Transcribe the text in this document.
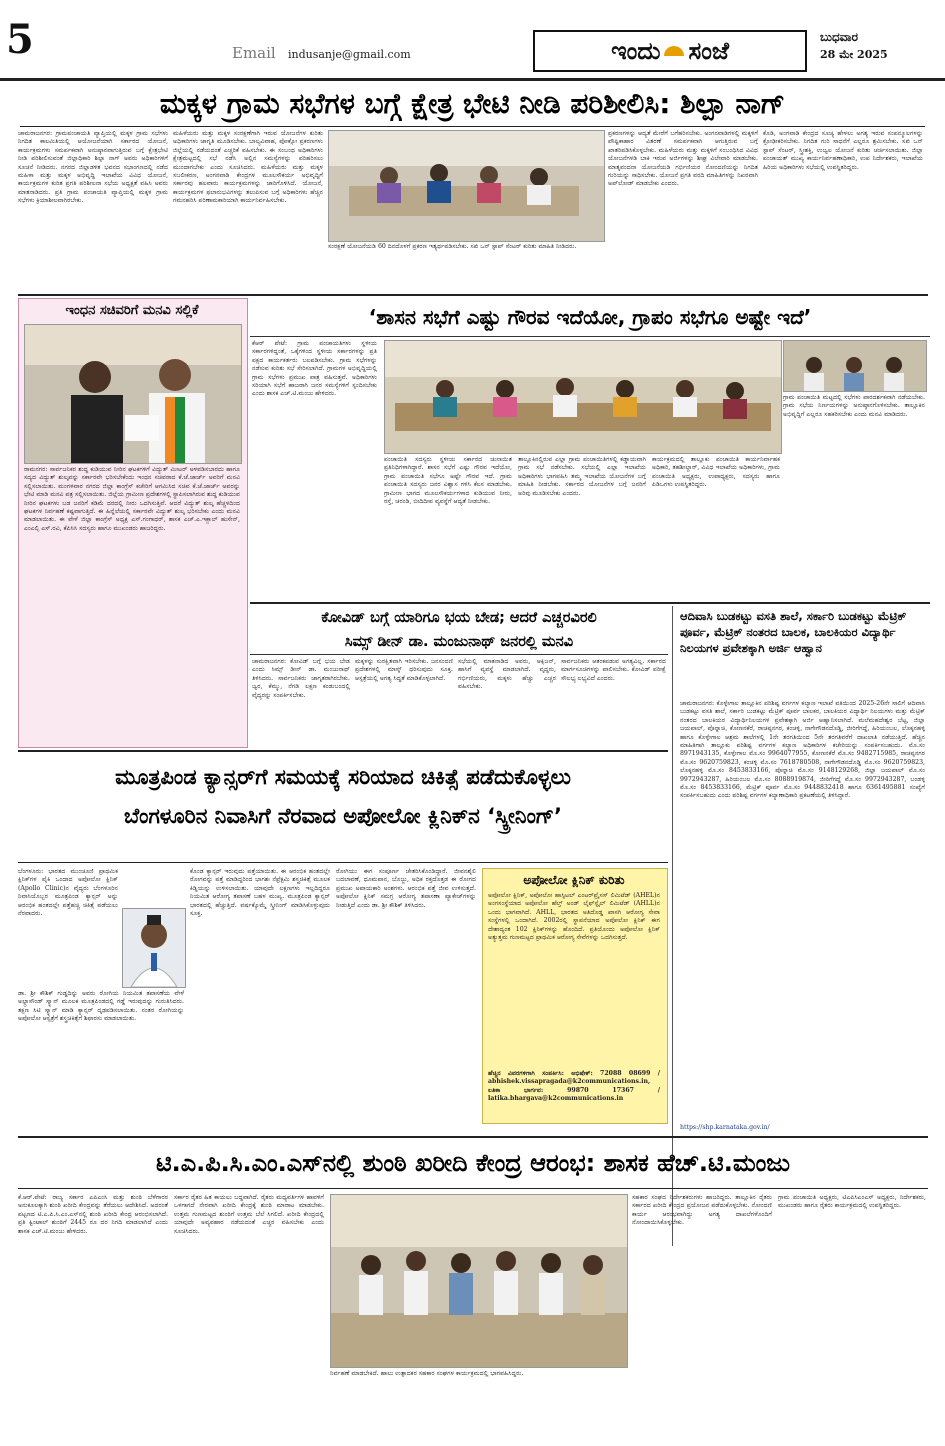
5	Email indusanje@gmail.com	ಇಂದು ಸಂಜೆ	ಬುಧವಾರ
28 ಮೇ 2025
ಮಕ್ಕಳ ಗ್ರಾಮ ಸಭೆಗಳ ಬಗ್ಗೆ ಕ್ಷೇತ್ರ ಭೇಟಿ ನೀಡಿ ಪರಿಶೀಲಿಸಿ: ಶಿಲ್ಪಾ ನಾಗ್
ಚಾಮರಾಜನಗರ: ಗ್ರಾಮಪಂಚಾಯತಿ ವ್ಯಾಪ್ತಿಯಲ್ಲಿ ಮಕ್ಕಳ ಗ್ರಾಮ ಸಭೆಗಳು ನಿಗದಿತ ಕಾಲಮಿತಿಯಲ್ಲಿ ಆಯೋಜನೆಯಾಗಿ ಸರ್ಕಾರದ ಯೋಜನೆ, ಕಾರ್ಯಕ್ರಮಗಳು ಸಮರ್ಪಕವಾಗಿ ಅನುಷ್ಠಾನವಾಗುತ್ತಿರುವ ಬಗ್ಗೆ ಕ್ಷೇತ್ರಭೇಟಿ ನೀಡಿ ಪರಿಶೀಲಿಸುವಂತೆ ಜಿಲ್ಲಾಧಿಕಾರಿ ಶಿಲ್ಪಾ ನಾಗ್ ಅವರು ಅಧಿಕಾರಿಗಳಿಗೆ ಸೂಚನೆ ನೀಡಿದರು. ನಗರದ ಜಿಲ್ಲಾಡಳಿತ ಭವನದ ಸಭಾಂಗಣದಲ್ಲಿ ನಡೆದ ಮಹಿಳಾ ಮತ್ತು ಮಕ್ಕಳ ಅಭಿವೃದ್ಧಿ ಇಲಾಖೆಯ ವಿವಿಧ ಯೋಜನೆ, ಕಾರ್ಯಕ್ರಮಗಳ ಕುರಿತ ಪ್ರಗತಿ ಪರಿಶೀಲನಾ ಸಭೆಯ ಅಧ್ಯಕ್ಷತೆ ವಹಿಸಿ ಅವರು ಮಾತನಾಡಿದರು. ಪ್ರತಿ ಗ್ರಾಮ ಪಂಚಾಯತಿ ವ್ಯಾಪ್ತಿಯಲ್ಲಿ ಮಕ್ಕಳ ಗ್ರಾಮ ಸಭೆಗಳು ಕ್ರಿಯಾಶೀಲವಾಗಿರಬೇಕು.
ಮಹಿಳೆಯರು ಮತ್ತು ಮಕ್ಕಳ ಸಂರಕ್ಷಣೆಗಾಗಿ ಇರುವ ಯೋಜನೆಗಳ ಕುರಿತು ಅಧಿಕಾರಿಗಳು ಜಾಗೃತಿ ಮೂಡಿಸಬೇಕು. ಬಾಲ್ಯವಿವಾಹ, ಪೋಕ್ಸೋ ಪ್ರಕರಣಗಳು ಜಿಲ್ಲೆಯಲ್ಲಿ ನಡೆಯದಂತೆ ಎಚ್ಚರಿಕೆ ವಹಿಸಬೇಕು. ಈ ಸಂಬಂಧ ಅಧಿಕಾರಿಗಳು ಕ್ಷೇತ್ರಮಟ್ಟದಲ್ಲಿ ಸಭೆ ನಡೆಸಿ ಅಲ್ಲಿನ ಸಮಸ್ಯೆಗಳನ್ನು ಪರಿಹರಿಸಲು ಮುಂದಾಗಬೇಕು ಎಂದು ಸೂಚಿಸಿದರು. ಮಹಿಳೆಯರು ಮತ್ತು ಮಕ್ಕಳ ಸಬಲೀಕರಣ, ಅಂಗನವಾಡಿ ಕೇಂದ್ರಗಳ ಮೂಲಸೌಕರ್ಯ ಅಭಿವೃದ್ಧಿಗೆ ಸರ್ಕಾರವು ಹಲವಾರು ಕಾರ್ಯಕ್ರಮಗಳನ್ನು ಜಾರಿಗೊಳಿಸಿದೆ. ಯೋಜನೆ, ಕಾರ್ಯಕ್ರಮಗಳ ಫಲಾನುಭವಿಗಳನ್ನು ತಲುಪಿಸುವ ಬಗ್ಗೆ ಅಧಿಕಾರಿಗಳು ಹೆಚ್ಚಿನ ಗಮನಹರಿಸಿ ಪರಿಣಾಮಕಾರಿಯಾಗಿ ಕಾರ್ಯನಿರ್ವಹಿಸಬೇಕು.
ಸಂರಕ್ಷಣೆ ಯೋಜನೆಯಡಿ 60 ದಿನದೊಳಗೆ ಪ್ರಕರಣ ಇತ್ಯರ್ಥಪಡಿಸಬೇಕು. ಸಖಿ ಒನ್ ಸ್ಟಾಪ್ ಸೆಂಟರ್ ಕುರಿತು ಮಾಹಿತಿ ನೀಡಿದರು.
ಪ್ರಕರಣಗಳನ್ನು ಆದ್ಯತೆ ಮೇರೆಗೆ ಬಗೆಹರಿಸಬೇಕು. ಅಂಗನವಾಡಿಗಳಲ್ಲಿ ಮಕ್ಕಳಿಗೆ ಪೌಷ್ಟಿಕಾಹಾರ ವಿತರಣೆ ಸಮರ್ಪಕವಾಗಿ ಆಗುತ್ತಿರುವ ಬಗ್ಗೆ ಖಾತರಿಪಡಿಸಿಕೊಳ್ಳಬೇಕು. ಮಹಿಳೆಯರು ಮತ್ತು ಮಕ್ಕಳಿಗೆ ಸಂಬಂಧಿಸಿದ ವಿವಿಧ ಯೋಜನೆಗಳಡಿ ಬಾಕಿ ಇರುವ ಅರ್ಜಿಗಳನ್ನು ಶೀಘ್ರ ವಿಲೇವಾರಿ ಮಾಡಬೇಕು. ಮಾತೃವಂದನಾ ಯೋಜನೆಯಡಿ ಗರ್ಭಿಣಿಯರ ನೋಂದಣಿಯನ್ನು ನಿಗದಿತ ಗುರಿಯನ್ನು ಸಾಧಿಸಬೇಕು. ಯೋಜನೆ ಪ್ರಗತಿ ವರದಿ ಮಾಹಿತಿಗಳನ್ನು ನಿಖರವಾಗಿ ಅಪ್‌ಲೋಡ್ ಮಾಡಬೇಕು ಎಂದರು.
ಕೊಡಿ, ಅಂಗವಾಡಿ ಕೇಂದ್ರದ ಸೂಚ್ಯ ಹೇಳಲು ಅಗತ್ಯ ಇರುವ ಸಂಪನ್ಮೂಲಗಳನ್ನು ಕ್ರೋಢೀಕರಿಸಬೇಕು. ನಿಗದಿತ ಗುರಿ ಸಾಧನೆಗೆ ಎಲ್ಲರೂ ಶ್ರಮಿಸಬೇಕು. ಸಖಿ ಒನ್ ಸ್ಟಾಪ್ ಸೆಂಟರ್, ಸ್ತ್ರೀಶಕ್ತಿ, ಉಜ್ವಲ ಯೋಜನೆ ಕುರಿತು ಚರ್ಚಿಸಲಾಯಿತು. ಜಿಲ್ಲಾ ಪಂಚಾಯತ್ ಮುಖ್ಯ ಕಾರ್ಯನಿರ್ವಹಣಾಧಿಕಾರಿ, ಉಪ ನಿರ್ದೇಶಕರು, ಇಲಾಖೆಯ ಹಿರಿಯ ಅಧಿಕಾರಿಗಳು ಸಭೆಯಲ್ಲಿ ಉಪಸ್ಥಿತರಿದ್ದರು.
ಇಂಧನ ಸಚಿವರಿಗೆ ಮನವಿ ಸಲ್ಲಿಕೆ
ರಾಮನಗರ: ಸಾರ್ವಜನಿಕರ ಶುದ್ಧ ಕುಡಿಯುವ ನೀರಿನ ಘಟಕಗಳಿಗೆ ವಿದ್ಯುತ್ ಮೀಟರ್ ಅಳವಡಿಸಬಾರದು ಹಾಗೂ ಸದ್ಯದ ವಿದ್ಯುತ್ ಶುಲ್ಕವನ್ನು ಸರ್ಕಾರವೇ ಭರಿಸಬೇಕೆಂದು ಇಂಧನ ಸಚಿವರಾದ ಕೆ.ಜೆ.ಜಾರ್ಜ್ ಅವರಿಗೆ ಮನವಿ ಸಲ್ಲಿಸಲಾಯಿತು. ಮಂಗಳವಾರ ನಗರದ ಜಿಲ್ಲಾ ಕಾಂಗ್ರೆಸ್ ಕಚೇರಿಗೆ ಆಗಮಿಸಿದ ಸಚಿವ ಕೆ.ಜೆ.ಜಾರ್ಜ್ ಅವರನ್ನು ಭೇಟಿ ಮಾಡಿ ಮನವಿ ಪತ್ರ ಸಲ್ಲಿಸಲಾಯಿತು. ಜಿಲ್ಲೆಯ ಗ್ರಾಮೀಣ ಪ್ರದೇಶಗಳಲ್ಲಿ ಸ್ಥಾಪಿಸಲಾಗಿರುವ ಶುದ್ಧ ಕುಡಿಯುವ ನೀರಿನ ಘಟಕಗಳು ಬಡ ಜನರಿಗೆ ಕಡಿಮೆ ದರದಲ್ಲಿ ನೀರು ಒದಗಿಸುತ್ತಿವೆ. ಆದರೆ ವಿದ್ಯುತ್ ಶುಲ್ಕ ಹೆಚ್ಚಳದಿಂದ ಘಟಕಗಳ ನಿರ್ವಹಣೆ ಕಷ್ಟವಾಗುತ್ತಿದೆ. ಈ ಹಿನ್ನೆಲೆಯಲ್ಲಿ ಸರ್ಕಾರವೇ ವಿದ್ಯುತ್ ಶುಲ್ಕ ಭರಿಸಬೇಕು ಎಂದು ಮನವಿ ಮಾಡಲಾಯಿತು. ಈ ವೇಳೆ ಜಿಲ್ಲಾ ಕಾಂಗ್ರೆಸ್ ಅಧ್ಯಕ್ಷ ಎಸ್.ಗಂಗಾಧರ್, ಶಾಸಕ ಎಚ್.ಎ.ಇಕ್ಬಾಲ್ ಹುಸೇನ್, ಎಂಎಲ್ಸಿ ಎಸ್.ರವಿ, ಕೆಪಿಸಿಸಿ ಸದಸ್ಯರು ಹಾಗೂ ಮುಖಂಡರು ಹಾಜರಿದ್ದರು.
‘ಶಾಸನ ಸಭೆಗೆ ಎಷ್ಟು ಗೌರವ ಇದೆಯೋ, ಗ್ರಾಪಂ ಸಭೆಗೂ ಅಷ್ಟೇ ಇದೆ’
ಕೆಆರ್ ಪೇಟೆ: ಗ್ರಾಮ ಪಂಚಾಯತಿಗಳು ಸ್ಥಳೀಯ ಸರ್ಕಾರಗಳಿದ್ದಂತೆ, ಒಕ್ಕೆಗಳಿಂದ ಸ್ಥಳೀಯ ಸರ್ಕಾರಗಳನ್ನು ಪ್ರತಿ ಪಕ್ಷದ ಕಾರ್ಯಕರ್ತರು ಬಲಪಡಿಸಬೇಕು. ಗ್ರಾಮ ಸಭೆಗಳನ್ನು ನಡೆಸುವ ಕುರಿತು ಸಭೆ ಸೇರಿಸಲಾಗಿದೆ. ಗ್ರಾಮಗಳ ಅಭಿವೃದ್ಧಿಯಲ್ಲಿ ಗ್ರಾಮ ಸಭೆಗಳು ಪ್ರಮುಖ ಪಾತ್ರ ವಹಿಸುತ್ತವೆ. ಅಧಿಕಾರಿಗಳು ಸರಿಯಾಗಿ ಸಭೆಗೆ ಹಾಜರಾಗಿ ಜನರ ಸಮಸ್ಯೆಗಳಿಗೆ ಸ್ಪಂದಿಸಬೇಕು ಎಂದು ಶಾಸಕ ಎಚ್.ಟಿ.ಮಂಜು ಹೇಳಿದರು.
ಪಂಚಾಯಿತಿ ಸದಸ್ಯರು ಸ್ಥಳೀಯ ಸರ್ಕಾರದ ಚುನಾಯಿತ ಪ್ರತಿನಿಧಿಗಳಾಗಿದ್ದಾರೆ. ಶಾಸನ ಸಭೆಗೆ ಎಷ್ಟು ಗೌರವ ಇದೆಯೋ, ಗ್ರಾಮ ಪಂಚಾಯಿತಿ ಸಭೆಗೂ ಅಷ್ಟೇ ಗೌರವ ಇದೆ. ಗ್ರಾಮ ಪಂಚಾಯಿತಿ ಸದಸ್ಯರು ಜನರ ವಿಶ್ವಾಸ ಗಳಿಸಿ ಕೆಲಸ ಮಾಡಬೇಕು. ಗ್ರಾಮೀಣ ಭಾಗದ ಮೂಲಸೌಕರ್ಯಗಳಾದ ಕುಡಿಯುವ ನೀರು, ರಸ್ತೆ, ಚರಂಡಿ, ಬೀದಿದೀಪ ವ್ಯವಸ್ಥೆಗೆ ಆದ್ಯತೆ ನೀಡಬೇಕು.
ತಾಲ್ಲೂಕಿನಲ್ಲಿರುವ ಎಲ್ಲಾ ಗ್ರಾಮ ಪಂಚಾಯಿತಿಗಳಲ್ಲಿ ಕಡ್ಡಾಯವಾಗಿ ಗ್ರಾಮ ಸಭೆ ನಡೆಸಬೇಕು. ಸಭೆಯಲ್ಲಿ ಎಲ್ಲಾ ಇಲಾಖೆಯ ಅಧಿಕಾರಿಗಳು ಭಾಗವಹಿಸಿ ತಮ್ಮ ಇಲಾಖೆಯ ಯೋಜನೆಗಳ ಬಗ್ಗೆ ಮಾಹಿತಿ ನೀಡಬೇಕು. ಸರ್ಕಾರದ ಯೋಜನೆಗಳ ಬಗ್ಗೆ ಜನರಿಗೆ ಅರಿವು ಮೂಡಿಸಬೇಕು ಎಂದರು.
ಕಾರ್ಯಕ್ರಮದಲ್ಲಿ ತಾಲ್ಲೂಕು ಪಂಚಾಯಿತಿ ಕಾರ್ಯನಿರ್ವಾಹಕ ಅಧಿಕಾರಿ, ತಹಶೀಲ್ದಾರ್, ವಿವಿಧ ಇಲಾಖೆಯ ಅಧಿಕಾರಿಗಳು, ಗ್ರಾಮ ಪಂಚಾಯಿತಿ ಅಧ್ಯಕ್ಷರು, ಉಪಾಧ್ಯಕ್ಷರು, ಸದಸ್ಯರು ಹಾಗೂ ಪಿಡಿಒಗಳು ಉಪಸ್ಥಿತರಿದ್ದರು.
ಗ್ರಾಮ ಪಂಚಾಯಿತಿ ಮಟ್ಟದಲ್ಲಿ ಸಭೆಗಳು ಪಾರದರ್ಶಕವಾಗಿ ನಡೆಯಬೇಕು. ಗ್ರಾಮ ಸಭೆಯ ನಿರ್ಣಯಗಳನ್ನು ಅನುಷ್ಠಾನಗೊಳಿಸಬೇಕು. ತಾಲ್ಲೂಕಿನ ಅಭಿವೃದ್ಧಿಗೆ ಎಲ್ಲರೂ ಸಹಕರಿಸಬೇಕು ಎಂದು ಮನವಿ ಮಾಡಿದರು.
ಕೋವಿಡ್ ಬಗ್ಗೆ ಯಾರಿಗೂ ಭಯ ಬೇಡ; ಆದರೆ ಎಚ್ಚರವಿರಲಿ
ಸಿಮ್ಸ್ ಡೀನ್ ಡಾ. ಮಂಜುನಾಥ್ ಜನರಲ್ಲಿ ಮನವಿ
ಚಾಮರಾಜನಗರ: ಕೋವಿಡ್ ಬಗ್ಗೆ ಭಯ ಬೇಡ ಎಂದು ಸಿಮ್ಸ್ ಡೀನ್ ಡಾ. ಮಂಜುನಾಥ್ ತಿಳಿಸಿದರು. ಸಾರ್ವಜನಿಕರು ಜಾಗೃತರಾಗಿರಬೇಕು. ಜ್ವರ, ಕೆಮ್ಮು, ನೆಗಡಿ ಲಕ್ಷಣ ಕಂಡುಬಂದಲ್ಲಿ ವೈದ್ಯರನ್ನು ಸಂಪರ್ಕಿಸಬೇಕು.
ಮಕ್ಕಳನ್ನು ಸುರಕ್ಷಿತವಾಗಿ ಇರಿಸಬೇಕು. ಜನಸಂದಣಿ ಪ್ರದೇಶಗಳಲ್ಲಿ ಮಾಸ್ಕ್ ಧರಿಸುವುದು ಸೂಕ್ತ. ಆಸ್ಪತ್ರೆಯಲ್ಲಿ ಅಗತ್ಯ ಸಿದ್ಧತೆ ಮಾಡಿಕೊಳ್ಳಲಾಗಿದೆ.
ಸಭೆಯಲ್ಲಿ ಮಾತನಾಡಿದ ಅವರು, ಆಕ್ಸಿಜನ್, ಹಾಸಿಗೆ ವ್ಯವಸ್ಥೆ ಮಾಡಲಾಗಿದೆ. ವೃದ್ಧರು, ಗರ್ಭಿಣಿಯರು, ಮಕ್ಕಳು ಹೆಚ್ಚು ಎಚ್ಚರ ವಹಿಸಬೇಕು.
ಸಾರ್ವಜನಿಕರು ಆತಂಕಪಡುವ ಅಗತ್ಯವಿಲ್ಲ. ಸರ್ಕಾರದ ಮಾರ್ಗಸೂಚಿಗಳನ್ನು ಪಾಲಿಸಬೇಕು. ಕೋವಿಡ್ ಪರೀಕ್ಷೆ ಸೌಲಭ್ಯ ಲಭ್ಯವಿದೆ ಎಂದರು.
ಆದಿವಾಸಿ ಬುಡಕಟ್ಟು ವಸತಿ ಶಾಲೆ, ಸರ್ಕಾರಿ ಬುಡಕಟ್ಟು ಮೆಟ್ರಿಕ್ ಪೂರ್ವ, ಮೆಟ್ರಿಕ್ ನಂತರದ ಬಾಲಕ, ಬಾಲಕಿಯರ ವಿದ್ಯಾರ್ಥಿ ನಿಲಯಗಳ ಪ್ರವೇಶಕ್ಕಾಗಿ ಅರ್ಜಿ ಆಹ್ವಾನ
ಚಾಮರಾಜನಗರ: ಕೊಳ್ಳೇಗಾಲ ತಾಲ್ಲೂಕಿನ ಪರಿಶಿಷ್ಟ ವರ್ಗಗಳ ಕಲ್ಯಾಣ ಇಲಾಖೆ ವತಿಯಿಂದ 2025-26ನೇ ಸಾಲಿಗೆ ಆದಿವಾಸಿ ಬುಡಕಟ್ಟು ವಸತಿ ಶಾಲೆ, ಸರ್ಕಾರಿ ಬುಡಕಟ್ಟು ಮೆಟ್ರಿಕ್ ಪೂರ್ವ ಬಾಲಕರ, ಬಾಲಕಿಯರ ವಿದ್ಯಾರ್ಥಿ ನಿಲಯಗಳು ಮತ್ತು ಮೆಟ್ರಿಕ್ ನಂತರದ ಬಾಲಕಿಯರ ವಿದ್ಯಾರ್ಥಿನಿಲಯಗಳ ಪ್ರವೇಶಕ್ಕಾಗಿ ಅರ್ಜಿ ಆಹ್ವಾನಿಸಲಾಗಿದೆ. ಮಲೆಮಹದೇಶ್ವರ ಬೆಟ್ಟ, ಜಿಲ್ಲಾ ಜಯಪಾಲ್, ಪೊನ್ನಾಚಿ, ಕೋಣನಕೆರೆ, ರಾಚಪ್ಪನಗರ, ಕಂಚಳ್ಳಿ, ನಾಗೇಗೌಡನದೊಡ್ಡಿ, ಜೀರಿಗೆಗದ್ದೆ, ಹಿರಿಯಂಬಲ, ಲೊಕ್ಕನಹಳ್ಳಿ ಹಾಗೂ ಕೊಳ್ಳೇಗಾಲ ಆಶ್ರಮ ಶಾಲೆಗಳಲ್ಲಿ 1ನೇ ತರಗತಿಯಿಂದ 5ನೇ ತರಗತಿವರೆಗೆ ದಾಖಲಾತಿ ನಡೆಯುತ್ತಿದೆ. ಹೆಚ್ಚಿನ ಮಾಹಿತಿಗಾಗಿ ತಾಲ್ಲೂಕು ಪರಿಶಿಷ್ಟ ವರ್ಗಗಳ ಕಲ್ಯಾಣ ಅಧಿಕಾರಿಗಳ ಕಚೇರಿಯನ್ನು ಸಂಪರ್ಕಿಸಬಹುದು. ಮೊ.ಸಂ 8971943135, ಕೊಳ್ಳೇಗಾಲ ಮೊ.ಸಂ 9964077955, ಕೋಣನಕೆರೆ ಮೊ.ಸಂ 9482715985, ರಾಚಪ್ಪನಗರ ಮೊ.ಸಂ 9620759823, ಕಂಚಳ್ಳಿ ಮೊ.ಸಂ 7618780508, ನಾಗೇಗೌಡನದೊಡ್ಡಿ ಮೊ.ಸಂ 9620759823, ಲೊಕ್ಕನಹಳ್ಳಿ ಮೊ.ಸಂ 8453833166, ಪೊನ್ನಾಚಿ ಮೊ.ಸಂ 9148129268, ಜಿಲ್ಲಾ ಜಯಪಾಲ್ ಮೊ.ಸಂ 9972943287, ಹಿರಿಯಂಬಲ ಮೊ.ಸಂ 8088919874, ಜೀರಿಗೆಗದ್ದೆ ಮೊ.ಸಂ 9972943287, ಬಂಡಳ್ಳಿ ಮೊ.ಸಂ 8453833166, ಮೆಟ್ರಿಕ್ ಪೂರ್ವ ಮೊ.ಸಂ 9448832418 ಹಾಗೂ 6361495881 ಸಂಖ್ಯೆಗೆ ಸಂಪರ್ಕಿಸಬಹುದು ಎಂದು ಪರಿಶಿಷ್ಟ ವರ್ಗಗಳ ಕಲ್ಯಾಣಾಧಿಕಾರಿ ಪ್ರಕಟಣೆಯಲ್ಲಿ ತಿಳಿಸಿದ್ದಾರೆ.
https://shp.karnataka.gov.in/
ಮೂತ್ರಪಿಂಡ ಕ್ಯಾನ್ಸರ್‌ಗೆ ಸಮಯಕ್ಕೆ ಸರಿಯಾದ ಚಿಕಿತ್ಸೆ ಪಡೆದುಕೊಳ್ಳಲು
ಬೆಂಗಳೂರಿನ ನಿವಾಸಿಗೆ ನೆರವಾದ ಅಪೋಲೋ ಕ್ಲಿನಿಕ್‌ನ ‘ಸ್ಕ್ರೀನಿಂಗ್’
ಬೆಂಗಳೂರು: ಭಾರತದ ಮುಂಚೂಣಿ ಪ್ರಾಥಮಿಕ ಕ್ಲಿನಿಕ್‌ಗಳ ಪೈಕಿ ಒಂದಾದ ಅಪೋಲೋ ಕ್ಲಿನಿಕ್ (Apollo Clinic)ನ ವೈದ್ಯರು ಬೆಂಗಳೂರಿನ ನಿವಾಸಿಯೊಬ್ಬರ ಮೂತ್ರಪಿಂಡ ಕ್ಯಾನ್ಸರ್ ಅನ್ನು ಆರಂಭಿಕ ಹಂತದಲ್ಲೇ ಪತ್ತೆಹಚ್ಚಿ ಚಿಕಿತ್ಸೆ ಪಡೆಯಲು ನೆರವಾದರು.
ಡಾ. ಶ್ರೀ ಕೌಶಿಕ್ ಗುಡ್ಡದಿನ್ನು ಅವರು ರೋಗಿಯ ನಿಯಮಿತ ತಪಾಸಣೆಯ ವೇಳೆ ಅಲ್ಟ್ರಾಸೌಂಡ್ ಸ್ಕ್ಯಾನ್ ಮೂಲಕ ಮೂತ್ರಪಿಂಡದಲ್ಲಿ ಗಡ್ಡೆ ಇರುವುದನ್ನು ಗುರುತಿಸಿದರು. ತಕ್ಷಣ ಸಿಟಿ ಸ್ಕ್ಯಾನ್ ಮಾಡಿ ಕ್ಯಾನ್ಸರ್ ದೃಢಪಡಿಸಲಾಯಿತು. ನಂತರ ರೋಗಿಯನ್ನು ಅಪೋಲೋ ಆಸ್ಪತ್ರೆಗೆ ಶಸ್ತ್ರಚಿಕಿತ್ಸೆಗೆ ಶಿಫಾರಸು ಮಾಡಲಾಯಿತು.
ಕೊಂಡ ಕ್ಯಾನ್ಸರ್ ಇರುವುದು ಪತ್ತೆಯಾಯಿತು. ಈ ಆರಂಭಿಕ ಹಂತದಲ್ಲೇ ರೋಗವನ್ನು ಪತ್ತೆ ಮಾಡಿದ್ದರಿಂದ ಭಾಗಶಃ ನೆಫ್ರೆಕ್ಟಮಿ ಶಸ್ತ್ರಚಿಕಿತ್ಸೆ ಮೂಲಕ ಕಿಡ್ನಿಯನ್ನು ಉಳಿಸಲಾಯಿತು. ಯಾವುದೇ ಲಕ್ಷಣಗಳು ಇಲ್ಲದಿದ್ದರೂ ನಿಯಮಿತ ಆರೋಗ್ಯ ತಪಾಸಣೆ ಬಹಳ ಮುಖ್ಯ. ಮೂತ್ರಪಿಂಡ ಕ್ಯಾನ್ಸರ್ ಭಾರತದಲ್ಲಿ ಹೆಚ್ಚುತ್ತಿದೆ. ವರ್ಷಕ್ಕೊಮ್ಮೆ ಸ್ಕ್ರೀನಿಂಗ್ ಮಾಡಿಸಿಕೊಳ್ಳುವುದು ಸೂಕ್ತ.
ರೋಗಿಯು ಈಗ ಸಂಪೂರ್ಣ ಚೇತರಿಸಿಕೊಂಡಿದ್ದಾರೆ. ಜೀವನಶೈಲಿ ಬದಲಾವಣೆ, ಧೂಮಪಾನ, ಬೊಜ್ಜು, ಅಧಿಕ ರಕ್ತದೊತ್ತಡ ಈ ರೋಗದ ಪ್ರಮುಖ ಅಪಾಯಕಾರಿ ಅಂಶಗಳು. ಆರಂಭಿಕ ಪತ್ತೆ ಜೀವ ಉಳಿಸುತ್ತದೆ. ಅಪೋಲೋ ಕ್ಲಿನಿಕ್ ಸಮಗ್ರ ಆರೋಗ್ಯ ತಪಾಸಣಾ ಪ್ಯಾಕೇಜ್‌ಗಳನ್ನು ನೀಡುತ್ತಿದೆ ಎಂದು ಡಾ. ಶ್ರೀ ಕೌಶಿಕ್ ತಿಳಿಸಿದರು.
ಅಪೋಲೋ ಕ್ಲಿನಿಕ್ ಕುರಿತು
ಅಪೋಲೋ ಕ್ಲಿನಿಕ್, ಅಪೋಲೋ ಹಾಸ್ಪಿಟಲ್ ಎಂಟರ್‌ಪ್ರೈಸಸ್ ಲಿಮಿಟೆಡ್ (AHEL)ನ ಅಂಗಸಂಸ್ಥೆಯಾದ ಅಪೋಲೋ ಹೆಲ್ತ್ ಅಂಡ್ ಲೈಫ್‌ಸ್ಟೈಲ್ ಲಿಮಿಟೆಡ್ (AHLL)ನ ಒಂದು ಭಾಗವಾಗಿದೆ. AHLL, ಭಾರತದ ಅತಿದೊಡ್ಡ ಖಾಸಗಿ ಆರೋಗ್ಯ ಸೇವಾ ಸಂಸ್ಥೆಗಳಲ್ಲಿ ಒಂದಾಗಿದೆ. 2002ರಲ್ಲಿ ಸ್ಥಾಪನೆಯಾದ ಅಪೋಲೋ ಕ್ಲಿನಿಕ್ ಈಗ ದೇಶಾದ್ಯಂತ 102 ಕ್ಲಿನಿಕ್‌ಗಳನ್ನು ಹೊಂದಿದೆ. ಪ್ರತಿಯೊಂದು ಅಪೋಲೋ ಕ್ಲಿನಿಕ್ ಅತ್ಯುತ್ತಮ ಗುಣಮಟ್ಟದ ಪ್ರಾಥಮಿಕ ಆರೋಗ್ಯ ಸೇವೆಗಳನ್ನು ಒದಗಿಸುತ್ತದೆ.
ಹೆಚ್ಚಿನ ವಿವರಗಳಿಗಾಗಿ ಸಂಪರ್ಕಿಸಿ: ಅಭಿಷೇಕ್: 72088 08699 / abhishek.vissapragada@k2communications.in, ಲತಿಕಾ ಭಾರ್ಗವ: 99870 17367 / latika.bhargava@k2communications.in
ಟಿ.ಎ.ಪಿ.ಸಿ.ಎಂ.ಎಸ್‌ನಲ್ಲಿ ಶುಂಠಿ ಖರೀದಿ ಕೇಂದ್ರ ಆರಂಭ: ಶಾಸಕ ಹೆಚ್.ಟಿ.ಮಂಜು
ಕೆ.ಆರ್.ಪೇಟೆ: ರಾಜ್ಯ ಸರ್ಕಾರ ಎಪಿಎಂಸಿ ಮತ್ತು ಶುಂಠಿ ಬೆಳೆಗಾರರ ಅನುಕೂಲಕ್ಕಾಗಿ ಶುಂಠಿ ಖರೀದಿ ಕೇಂದ್ರವನ್ನು ತೆರೆಯಲು ಆದೇಶಿಸಿದೆ. ಅದರಂತೆ ಪಟ್ಟಣದ ಟಿ.ಎ.ಪಿ.ಸಿ.ಎಂ.ಎಸ್‌ನಲ್ಲಿ ಶುಂಠಿ ಖರೀದಿ ಕೇಂದ್ರ ಆರಂಭಿಸಲಾಗಿದೆ. ಪ್ರತಿ ಕ್ವಿಂಟಾಲ್ ಶುಂಠಿಗೆ 2445 ರೂ ದರ ನಿಗದಿ ಮಾಡಲಾಗಿದೆ ಎಂದು ಶಾಸಕ ಎಚ್.ಟಿ.ಮಂಜು ಹೇಳಿದರು.
ಸರ್ಕಾರ ರೈತರ ಹಿತ ಕಾಯಲು ಬದ್ಧವಾಗಿದೆ. ರೈತರು ಮಧ್ಯವರ್ತಿಗಳ ಹಾವಳಿಗೆ ಒಳಗಾಗದೆ ನೇರವಾಗಿ ಖರೀದಿ ಕೇಂದ್ರಕ್ಕೆ ಶುಂಠಿ ಮಾರಾಟ ಮಾಡಬೇಕು. ಉತ್ತಮ ಗುಣಮಟ್ಟದ ಶುಂಠಿಗೆ ಉತ್ತಮ ಬೆಲೆ ಸಿಗಲಿದೆ. ಖರೀದಿ ಕೇಂದ್ರದಲ್ಲಿ ಯಾವುದೇ ಅವ್ಯವಹಾರ ನಡೆಯದಂತೆ ಎಚ್ಚರ ವಹಿಸಬೇಕು ಎಂದು ಸೂಚಿಸಿದರು.
ನಿರ್ವಹಣೆ ಮಾಡಬೇಕಿದೆ. ಹಾಲು ಉತ್ಪಾದಕರ ಸಹಕಾರ ಸಂಘಗಳ ಕಾರ್ಯಕ್ರಮದಲ್ಲಿ ಭಾಗವಹಿಸಿದ್ದರು.
ಸಹಕಾರ ಸಂಘದ ನಿರ್ದೇಶಕರುಗಳು ಹಾಜರಿದ್ದರು. ತಾಲ್ಲೂಕಿನ ರೈತರು ಸರ್ಕಾರದ ಖರೀದಿ ಕೇಂದ್ರದ ಪ್ರಯೋಜನ ಪಡೆದುಕೊಳ್ಳಬೇಕು. ನೋಂದಣಿ ಕಾರ್ಯ ಆರಂಭವಾಗಿದ್ದು ಅಗತ್ಯ ದಾಖಲೆಗಳೊಂದಿಗೆ ನೋಂದಾಯಿಸಿಕೊಳ್ಳಬೇಕು.
ಗ್ರಾಮ ಪಂಚಾಯಿತಿ ಅಧ್ಯಕ್ಷರು, ಟಿಎಪಿಸಿಎಂಎಸ್ ಅಧ್ಯಕ್ಷರು, ನಿರ್ದೇಶಕರು, ಮುಖಂಡರು ಹಾಗೂ ರೈತರು ಕಾರ್ಯಕ್ರಮದಲ್ಲಿ ಉಪಸ್ಥಿತರಿದ್ದರು.
